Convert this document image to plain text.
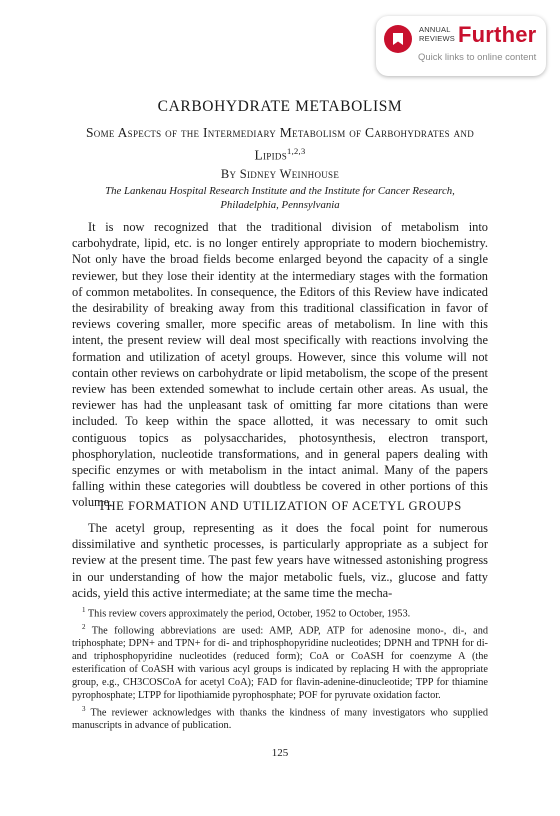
ANNUAL
REVIEWS Further
Quick links to online content
CARBOHYDRATE METABOLISM
Some Aspects of the Intermediary Metabolism of Carbohydrates and Lipids$^{1,2,3}$
By Sidney Weinhouse
The Lankenau Hospital Research Institute and the Institute for Cancer Research, Philadelphia, Pennsylvania

It is now recognized that the traditional division of metabolism into carbohydrate, lipid, etc. is no longer entirely appropriate to modern biochemistry. Not only have the broad fields become enlarged beyond the capacity of a single reviewer, but they lose their identity at the intermediary stages with the formation of common metabolites. In consequence, the Editors of this Review have indicated the desirability of breaking away from this traditional classification in favor of reviews covering smaller, more specific areas of metabolism. In line with this intent, the present review will deal most specifically with reactions involving the formation and utilization of acetyl groups. However, since this volume will not contain other reviews on carbohydrate or lipid metabolism, the scope of the present review has been extended somewhat to include certain other areas. As usual, the reviewer has had the unpleasant task of omitting far more citations than were included. To keep within the space allotted, it was necessary to omit such contiguous topics as polysaccharides, photosynthesis, electron transport, phosphorylation, nucleotide transformations, and in general papers dealing with specific enzymes or with metabolism in the intact animal. Many of the papers falling within these categories will doubtless be covered in other portions of this volume.

THE FORMATION AND UTILIZATION OF ACETYL GROUPS

The acetyl group, representing as it does the focal point for numerous dissimilative and synthetic processes, is particularly appropriate as a subject for review at the present time. The past few years have witnessed astonishing progress in our understanding of how the major metabolic fuels, viz., glucose and fatty acids, yield this active intermediate; at the same time the mecha-

$^1$ This review covers approximately the period, October, 1952 to October, 1953.

$^2$ The following abbreviations are used: AMP, ADP, ATP for adenosine mono-, di-, and triphosphate; DPN+ and TPN+ for di- and triphosphopyridine nucleotides; DPNH and TPNH for di- and triphosphopyridine nucleotides (reduced form); CoA or CoASH for coenzyme A (the esterification of CoASH with various acyl groups is indicated by replacing H with the appropriate group, e.g., CH3COSCoA for acetyl CoA); FAD for flavin-adenine-dinucleotide; TPP for thiamine pyrophosphate; LTPP for lipothiamide pyrophosphate; POF for pyruvate oxidation factor.

$^3$ The reviewer acknowledges with thanks the kindness of many investigators who supplied manuscripts in advance of publication.

125
